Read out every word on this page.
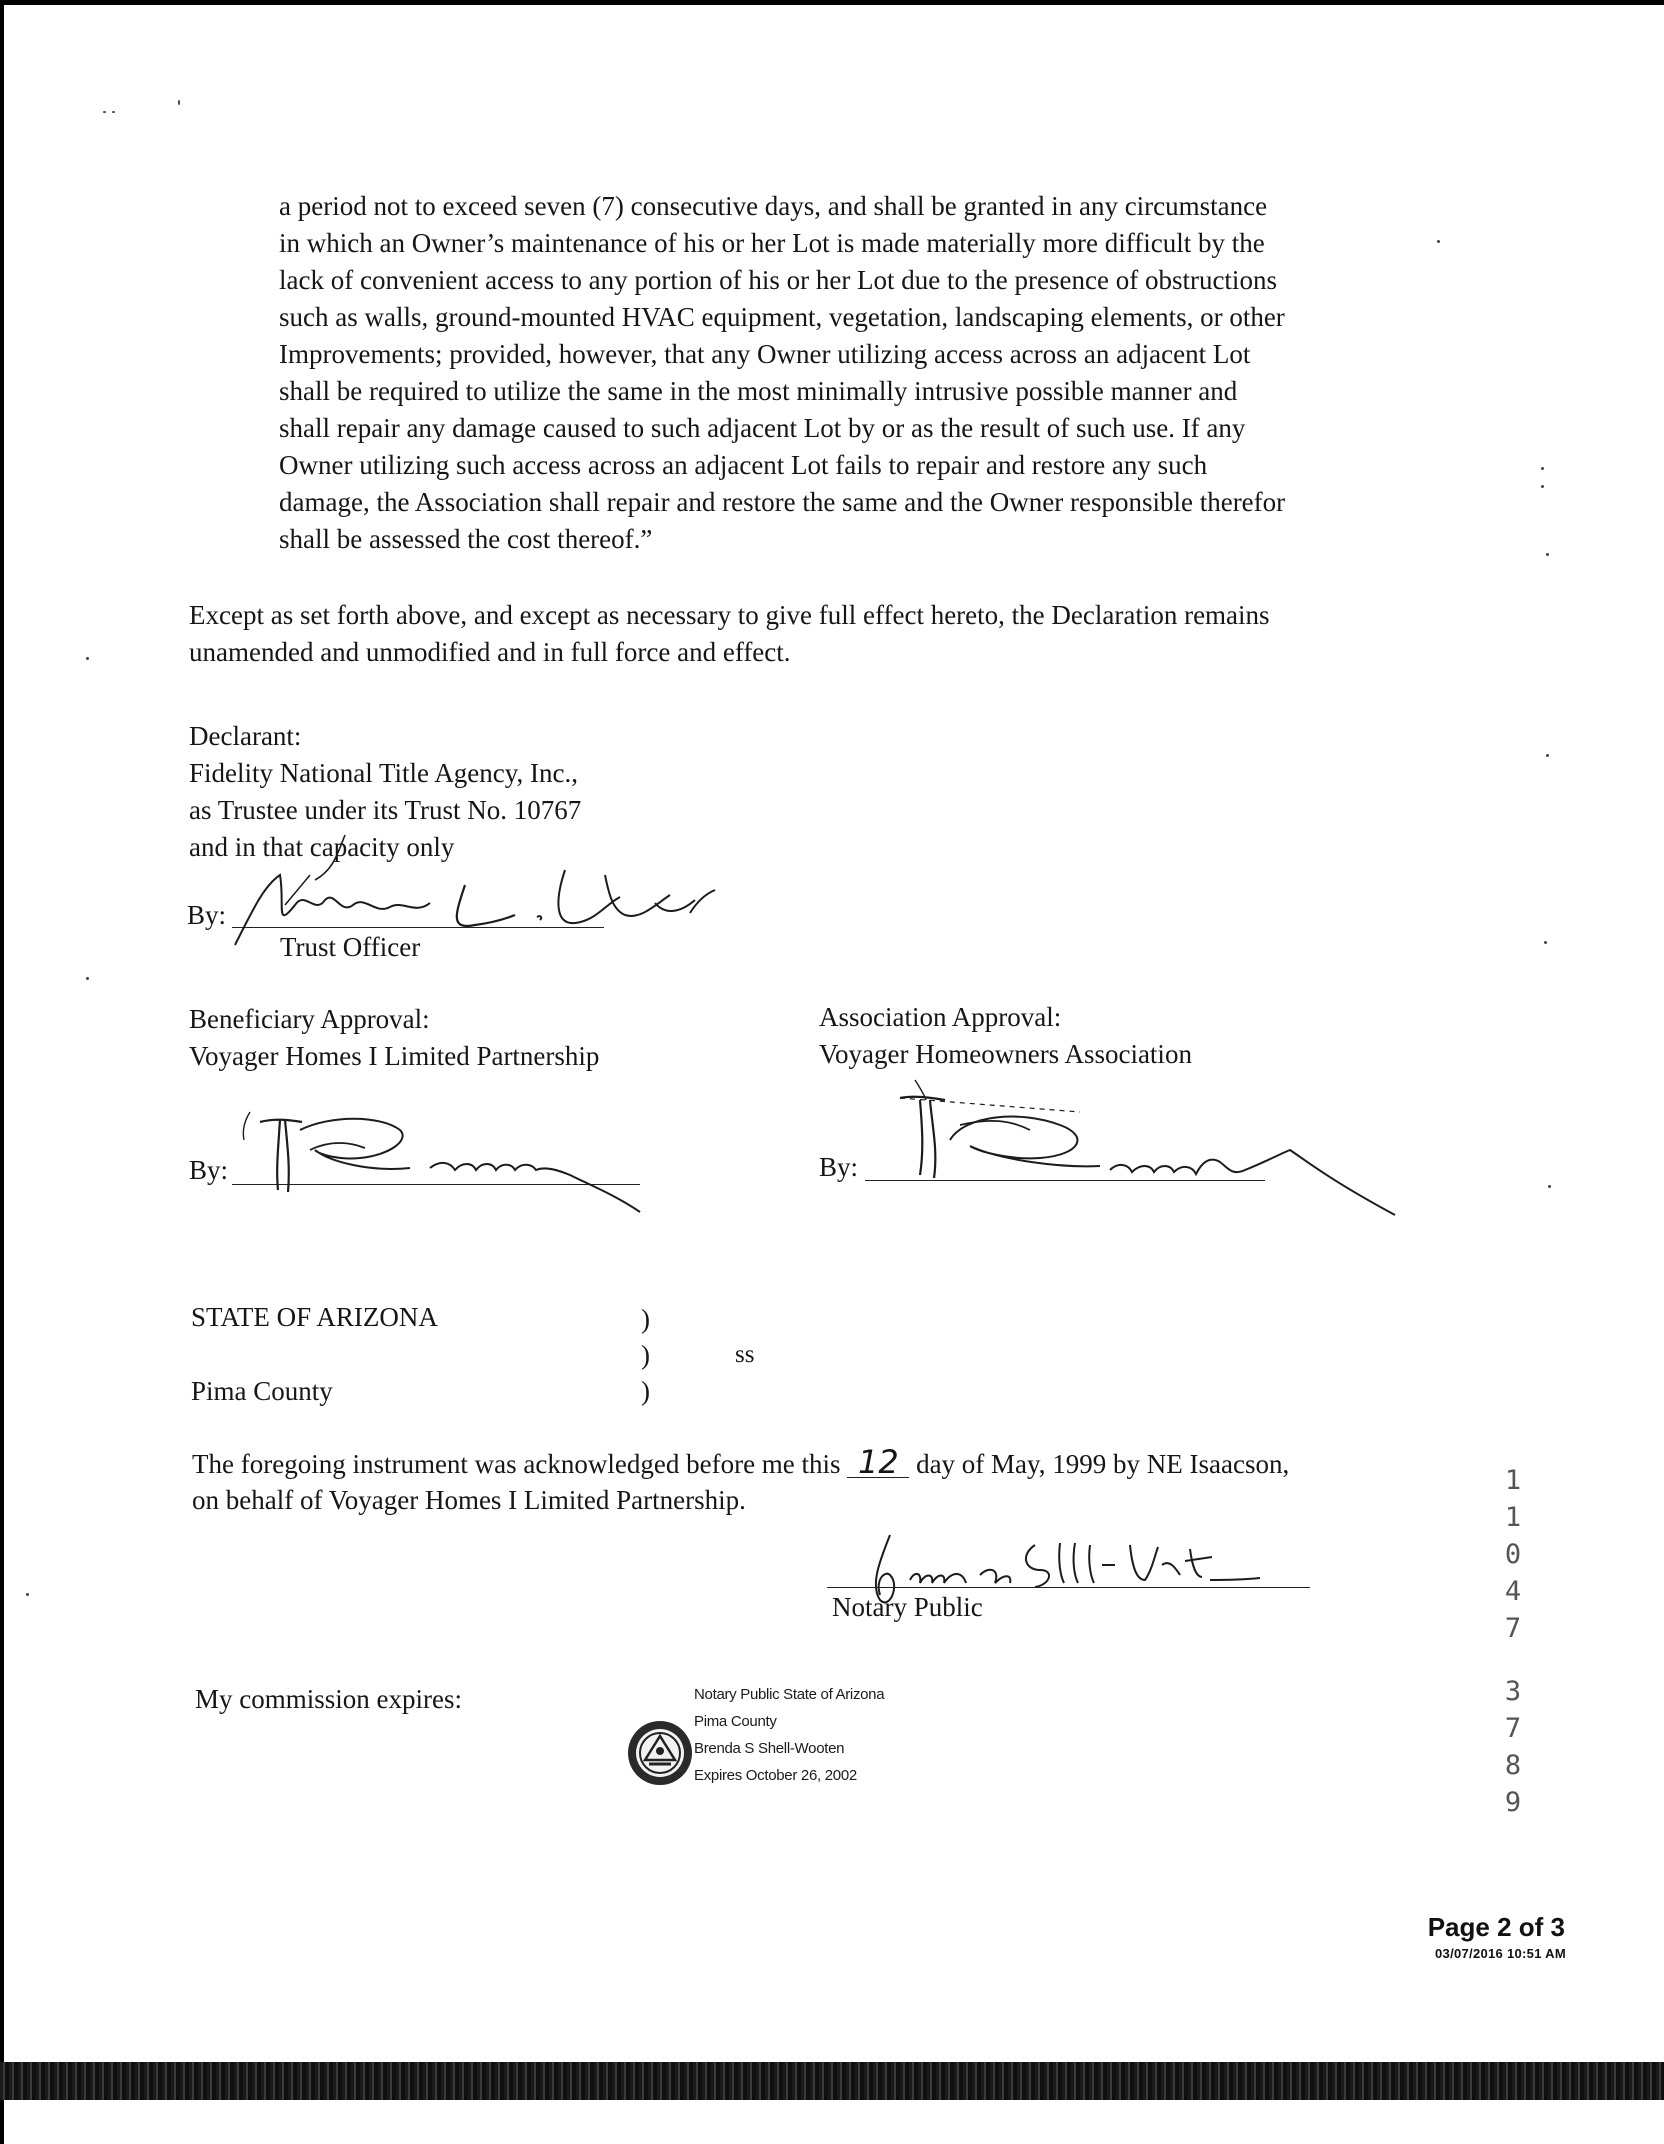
a period not to exceed seven (7) consecutive days, and shall be granted in any circumstance
in which an Owner’s maintenance of his or her Lot is made materially more difficult by the
lack of convenient access to any portion of his or her Lot due to the presence of obstructions
such as walls, ground-mounted HVAC equipment, vegetation, landscaping elements, or other
Improvements; provided, however, that any Owner utilizing access across an adjacent Lot
shall be required to utilize the same in the most minimally intrusive possible manner and
shall repair any damage caused to such adjacent Lot by or as the result of such use. If any
Owner utilizing such access across an adjacent Lot fails to repair and restore any such
damage, the Association shall repair and restore the same and the Owner responsible therefor
shall be assessed the cost thereof.”
Except as set forth above, and except as necessary to give full effect hereto, the Declaration remains
unamended and unmodified and in full force and effect.
Declarant:
Fidelity National Title Agency, Inc.,
as Trustee under its Trust No. 10767
and in that capacity only
By:
Trust Officer
Beneficiary Approval:
Voyager Homes I Limited Partnership
By:
Association Approval:
Voyager Homeowners Association
By:
STATE OF ARIZONA
Pima County
)
)
)
ss
The foregoing instrument was acknowledged before me this 12 day of May, 1999 by NE Isaacson,
on behalf of Voyager Homes I Limited Partnership.
Notary Public
My commission expires:	Notary Public State of Arizona
Pima County
Brenda S Shell-Wooten
Expires October 26, 2002
1
1
0
4
7
3
7
8
9
Page 2 of 3
03/07/2016 10:51 AM
